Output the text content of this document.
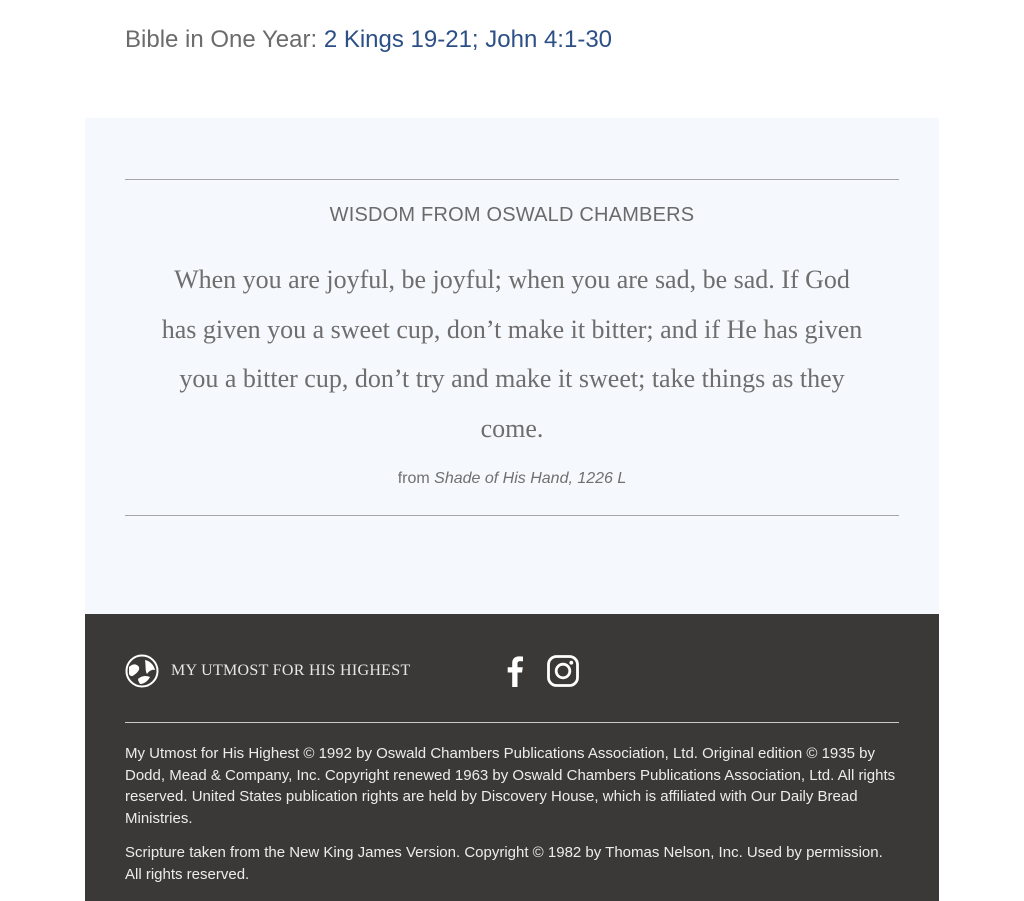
Bible in One Year: 2 Kings 19-21; John 4:1-30
WISDOM FROM OSWALD CHAMBERS
When you are joyful, be joyful; when you are sad, be sad. If God has given you a sweet cup, don’t make it bitter; and if He has given you a bitter cup, don’t try and make it sweet; take things as they come.
from Shade of His Hand, 1226 L
MY UTMOST FOR HIS HIGHEST

My Utmost for His Highest © 1992 by Oswald Chambers Publications Association, Ltd. Original edition © 1935 by Dodd, Mead & Company, Inc. Copyright renewed 1963 by Oswald Chambers Publications Association, Ltd. All rights reserved. United States publication rights are held by Discovery House, which is affiliated with Our Daily Bread Ministries.

Scripture taken from the New King James Version. Copyright © 1982 by Thomas Nelson, Inc. Used by permission. All rights reserved.
